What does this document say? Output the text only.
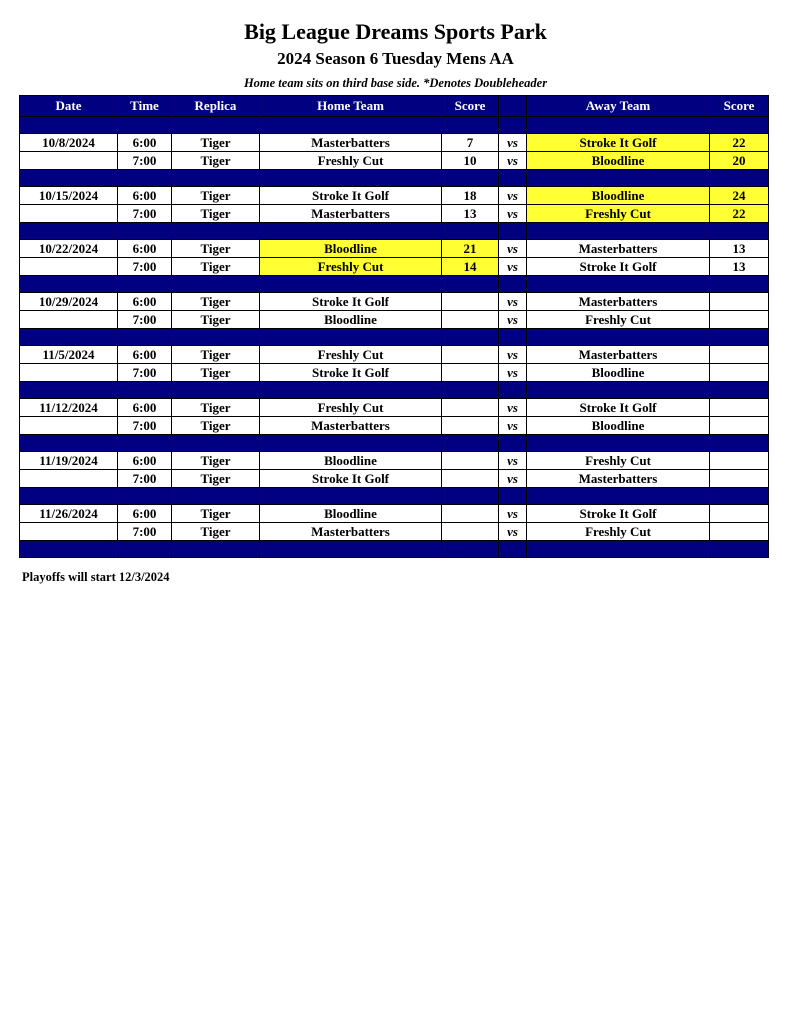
Big League Dreams Sports Park
2024 Season 6 Tuesday Mens AA
Home team sits on third base side. *Denotes Doubleheader
Date	Time	Replica	Home Team	Score		Away Team	Score

10/8/2024	6:00	Tiger	Masterbatters	7	vs	Stroke It Golf	22
	7:00	Tiger	Freshly Cut	10	vs	Bloodline	20

10/15/2024	6:00	Tiger	Stroke It Golf	18	vs	Bloodline	24
	7:00	Tiger	Masterbatters	13	vs	Freshly Cut	22

10/22/2024	6:00	Tiger	Bloodline	21	vs	Masterbatters	13
	7:00	Tiger	Freshly Cut	14	vs	Stroke It Golf	13

10/29/2024	6:00	Tiger	Stroke It Golf		vs	Masterbatters	
	7:00	Tiger	Bloodline		vs	Freshly Cut	

11/5/2024	6:00	Tiger	Freshly Cut		vs	Masterbatters	
	7:00	Tiger	Stroke It Golf		vs	Bloodline	

11/12/2024	6:00	Tiger	Freshly Cut		vs	Stroke It Golf	
	7:00	Tiger	Masterbatters		vs	Bloodline	

11/19/2024	6:00	Tiger	Bloodline		vs	Freshly Cut	
	7:00	Tiger	Stroke It Golf		vs	Masterbatters	

11/26/2024	6:00	Tiger	Bloodline		vs	Stroke It Golf	
	7:00	Tiger	Masterbatters		vs	Freshly Cut	

Playoffs will start 12/3/2024
